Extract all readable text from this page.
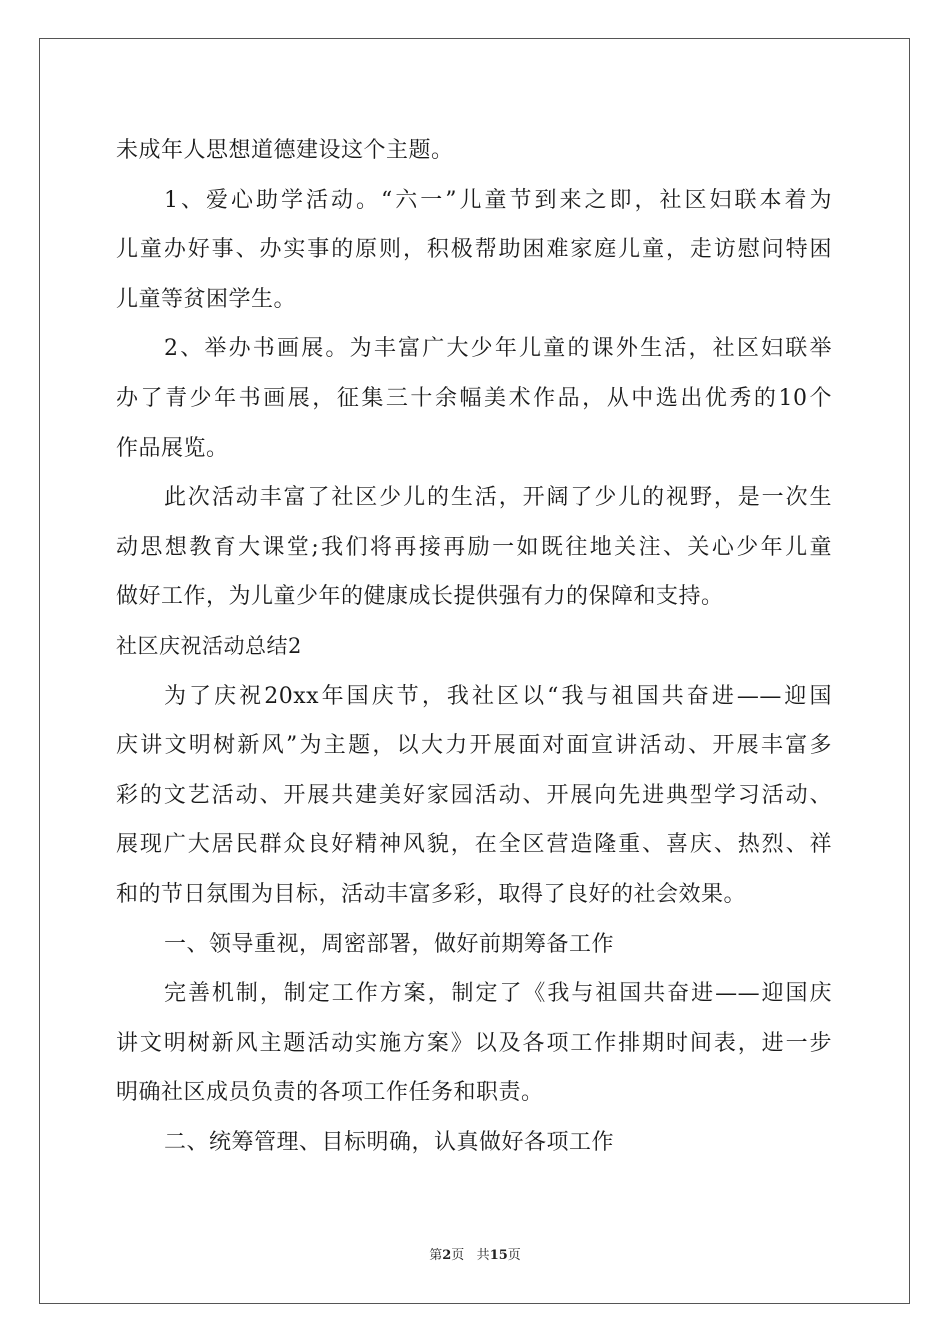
未成年人思想道德建设这个主题。
1、爱心助学活动。“六一”儿童节到来之即，社区妇联本着为
儿童办好事、办实事的原则，积极帮助困难家庭儿童，走访慰问特困
儿童等贫困学生。
2、举办书画展。为丰富广大少年儿童的课外生活，社区妇联举
办了青少年书画展，征集三十余幅美术作品，从中选出优秀的10个
作品展览。
此次活动丰富了社区少儿的生活，开阔了少儿的视野，是一次生
动思想教育大课堂;我们将再接再励一如既往地关注、关心少年儿童
做好工作，为儿童少年的健康成长提供强有力的保障和支持。
社区庆祝活动总结2
为了庆祝20xx年国庆节，我社区以“我与祖国共奋进——迎国
庆讲文明树新风”为主题，以大力开展面对面宣讲活动、开展丰富多
彩的文艺活动、开展共建美好家园活动、开展向先进典型学习活动、
展现广大居民群众良好精神风貌，在全区营造隆重、喜庆、热烈、祥
和的节日氛围为目标，活动丰富多彩，取得了良好的社会效果。
一、领导重视，周密部署，做好前期筹备工作
完善机制，制定工作方案，制定了《我与祖国共奋进——迎国庆
讲文明树新风主题活动实施方案》以及各项工作排期时间表，进一步
明确社区成员负责的各项工作任务和职责。
二、统筹管理、目标明确，认真做好各项工作
第2页 共15页
